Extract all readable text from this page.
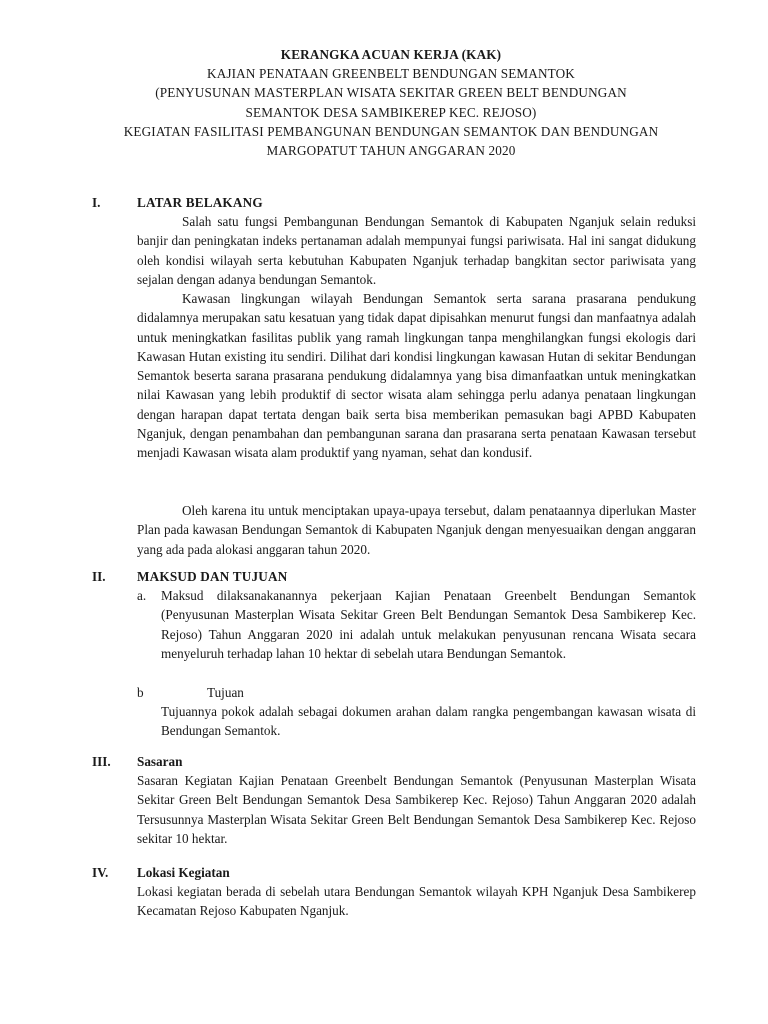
KERANGKA ACUAN KERJA (KAK)
KAJIAN PENATAAN GREENBELT BENDUNGAN SEMANTOK
(PENYUSUNAN MASTERPLAN WISATA SEKITAR GREEN BELT BENDUNGAN
SEMANTOK DESA SAMBIKEREP KEC. REJOSO)
KEGIATAN FASILITASI PEMBANGUNAN BENDUNGAN SEMANTOK DAN BENDUNGAN
MARGOPATUT TAHUN ANGGARAN 2020
I.	LATAR BELAKANG

Salah satu fungsi Pembangunan Bendungan Semantok di Kabupaten Nganjuk selain reduksi banjir dan peningkatan indeks pertanaman adalah mempunyai fungsi pariwisata. Hal ini sangat didukung oleh kondisi wilayah serta kebutuhan Kabupaten Nganjuk terhadap bangkitan sector pariwisata yang sejalan dengan adanya bendungan Semantok.

Kawasan lingkungan wilayah Bendungan Semantok serta sarana prasarana pendukung didalamnya merupakan satu kesatuan yang tidak dapat dipisahkan menurut fungsi dan manfaatnya adalah untuk meningkatkan fasilitas publik yang ramah lingkungan tanpa menghilangkan fungsi ekologis dari Kawasan Hutan existing itu sendiri. Dilihat dari kondisi lingkungan kawasan Hutan di sekitar Bendungan Semantok beserta sarana prasarana pendukung didalamnya yang bisa dimanfaatkan untuk meningkatkan nilai Kawasan yang lebih produktif di sector wisata alam sehingga perlu adanya penataan lingkungan dengan harapan dapat tertata dengan baik serta bisa memberikan pemasukan bagi APBD Kabupaten Nganjuk, dengan penambahan dan pembangunan sarana dan prasarana serta penataan Kawasan tersebut menjadi Kawasan wisata alam produktif yang nyaman, sehat dan kondusif.

Oleh karena itu untuk menciptakan upaya-upaya tersebut, dalam penataannya diperlukan Master Plan pada kawasan Bendungan Semantok di Kabupaten Nganjuk dengan menyesuaikan dengan anggaran yang ada pada alokasi anggaran tahun 2020.

II. MAKSUD DAN TUJUAN
a. Maksud dilaksanakanannya pekerjaan Kajian Penataan Greenbelt Bendungan Semantok (Penyusunan Masterplan Wisata Sekitar Green Belt Bendungan Semantok Desa Sambikerep Kec. Rejoso) Tahun Anggaran 2020 ini adalah untuk melakukan penyusunan rencana Wisata secara menyeluruh terhadap lahan 10 hektar di sebelah utara Bendungan Semantok.

b	Tujuan

Tujuannya pokok adalah sebagai dokumen arahan dalam rangka pengembangan kawasan wisata di Bendungan Semantok.

III. Sasaran

Sasaran Kegiatan Kajian Penataan Greenbelt Bendungan Semantok (Penyusunan Masterplan Wisata Sekitar Green Belt Bendungan Semantok Desa Sambikerep Kec. Rejoso) Tahun Anggaran 2020 adalah Tersusunnya Masterplan Wisata Sekitar Green Belt Bendungan Semantok Desa Sambikerep Kec. Rejoso sekitar 10 hektar.

IV. Lokasi Kegiatan

Lokasi kegiatan berada di sebelah utara Bendungan Semantok wilayah KPH Nganjuk Desa Sambikerep Kecamatan Rejoso Kabupaten Nganjuk.
